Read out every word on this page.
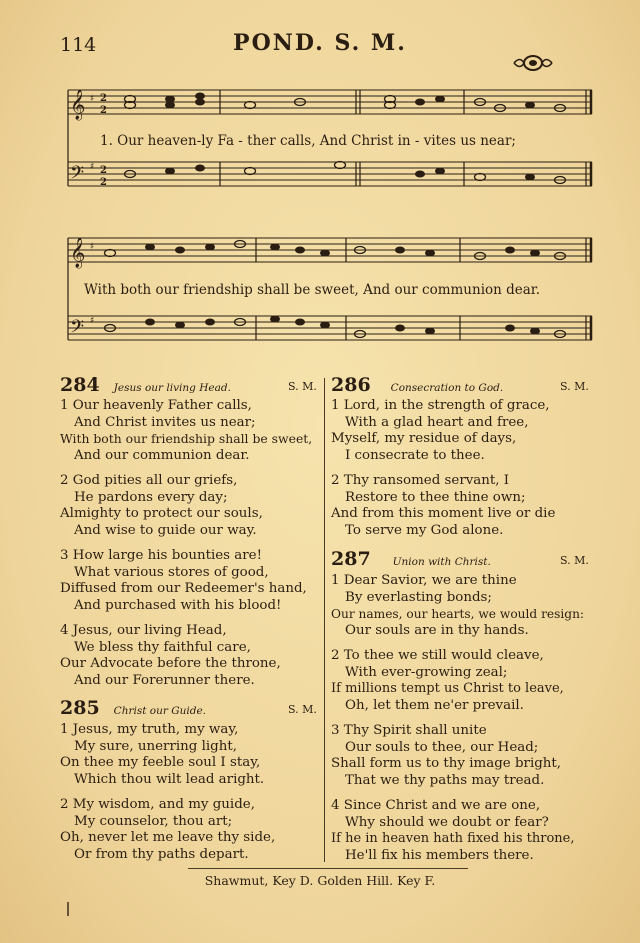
114	POND. S. M.
𝄞
𝄢
♯
♯
2
2
2
2
1. Our heaven-ly Fa - ther calls, And Christ in - vites us near;
𝄞
𝄢
♯
♯
With both our friendship shall be sweet, And our communion dear.
284 Jesus our living Head.	S. M.
1 Our heavenly Father calls,
And Christ invites us near;
With both our friendship shall be sweet,
And our communion dear.
2 God pities all our griefs,
He pardons every day;
Almighty to protect our souls,
And wise to guide our way.
3 How large his bounties are!
What various stores of good,
Diffused from our Redeemer's hand,
And purchased with his blood!
4 Jesus, our living Head,
We bless thy faithful care,
Our Advocate before the throne,
And our Forerunner there.
285 Christ our Guide.	S. M.
1 Jesus, my truth, my way,
My sure, unerring light,
On thee my feeble soul I stay,
Which thou wilt lead aright.
2 My wisdom, and my guide,
My counselor, thou art;
Oh, never let me leave thy side,
Or from thy paths depart.
286 Consecration to God.	S. M.
1 Lord, in the strength of grace,
With a glad heart and free,
Myself, my residue of days,
I consecrate to thee.
2 Thy ransomed servant, I
Restore to thee thine own;
And from this moment live or die
To serve my God alone.
287 Union with Christ.	S. M.
1 Dear Savior, we are thine
By everlasting bonds;
Our names, our hearts, we would resign:
Our souls are in thy hands.
2 To thee we still would cleave,
With ever-growing zeal;
If millions tempt us Christ to leave,
Oh, let them ne'er prevail.
3 Thy Spirit shall unite
Our souls to thee, our Head;
Shall form us to thy image bright,
That we thy paths may tread.
4 Since Christ and we are one,
Why should we doubt or fear?
If he in heaven hath fixed his throne,
He'll fix his members there.
Shawmut, Key D. Golden Hill. Key F.
